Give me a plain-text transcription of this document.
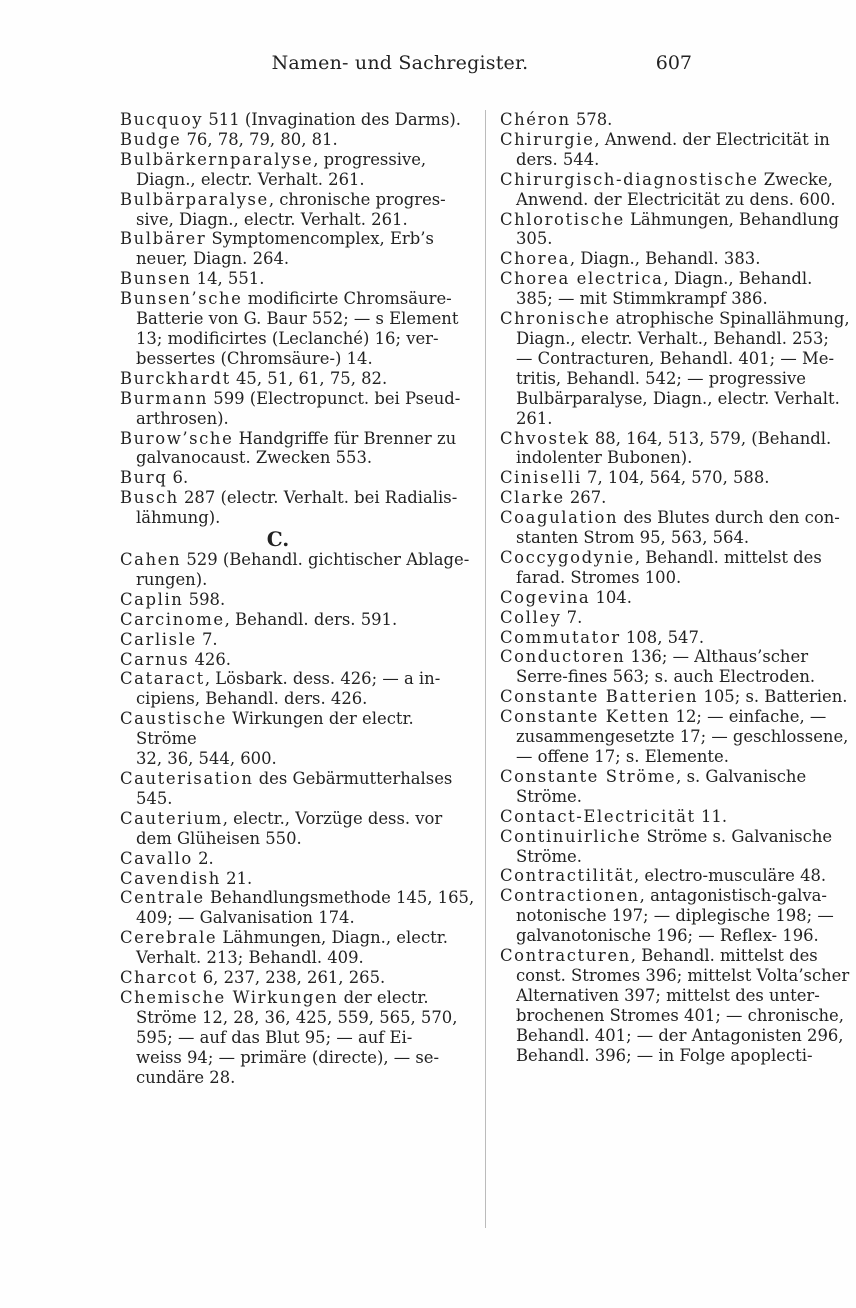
Namen- und Sachregister.	607
Bucquoy 511 (Invagination des Darms).
Budge 76, 78, 79, 80, 81.
Bulbärkernparalyse, progressive,
Diagn., electr. Verhalt. 261.
Bulbärparalyse, chronische progres-
sive, Diagn., electr. Verhalt. 261.
Bulbärer Symptomencomplex, Erb’s
neuer, Diagn. 264.
Bunsen 14, 551.
Bunsen’sche modificirte Chromsäure-
Batterie von G. Baur 552; — s Element
13; modificirtes (Leclanché) 16; ver-
bessertes (Chromsäure-) 14.
Burckhardt 45, 51, 61, 75, 82.
Burmann 599 (Electropunct. bei Pseud-
arthrosen).
Burow’sche Handgriffe für Brenner zu
galvanocaust. Zwecken 553.
Burq 6.
Busch 287 (electr. Verhalt. bei Radialis-
lähmung).
C.
Cahen 529 (Behandl. gichtischer Ablage-
rungen).
Caplin 598.
Carcinome, Behandl. ders. 591.
Carlisle 7.
Carnus 426.
Cataract, Lösbark. dess. 426; — a in-
cipiens, Behandl. ders. 426.
Caustische Wirkungen der electr. Ströme
32, 36, 544, 600.
Cauterisation des Gebärmutterhalses
545.
Cauterium, electr., Vorzüge dess. vor
dem Glüheisen 550.
Cavallo 2.
Cavendish 21.
Centrale Behandlungsmethode 145, 165,
409; — Galvanisation 174.
Cerebrale Lähmungen, Diagn., electr.
Verhalt. 213; Behandl. 409.
Charcot 6, 237, 238, 261, 265.
Chemische Wirkungen der electr.
Ströme 12, 28, 36, 425, 559, 565, 570,
595; — auf das Blut 95; — auf Ei-
weiss 94; — primäre (directe), — se-
cundäre 28.
Chéron 578.
Chirurgie, Anwend. der Electricität in
ders. 544.
Chirurgisch-diagnostische Zwecke,
Anwend. der Electricität zu dens. 600.
Chlorotische Lähmungen, Behandlung
305.
Chorea, Diagn., Behandl. 383.
Chorea electrica, Diagn., Behandl.
385; — mit Stimmkrampf 386.
Chronische atrophische Spinallähmung,
Diagn., electr. Verhalt., Behandl. 253;
— Contracturen, Behandl. 401; — Me-
tritis, Behandl. 542; — progressive
Bulbärparalyse, Diagn., electr. Verhalt.
261.
Chvostek 88, 164, 513, 579, (Behandl.
indolenter Bubonen).
Ciniselli 7, 104, 564, 570, 588.
Clarke 267.
Coagulation des Blutes durch den con-
stanten Strom 95, 563, 564.
Coccygodynie, Behandl. mittelst des
farad. Stromes 100.
Cogevina 104.
Colley 7.
Commutator 108, 547.
Conductoren 136; — Althaus’scher
Serre-fines 563; s. auch Electroden.
Constante Batterien 105; s. Batterien.
Constante Ketten 12; — einfache, —
zusammengesetzte 17; — geschlossene,
— offene 17; s. Elemente.
Constante Ströme, s. Galvanische
Ströme.
Contact-Electricität 11.
Continuirliche Ströme s. Galvanische
Ströme.
Contractilität, electro-musculäre 48.
Contractionen, antagonistisch-galva-
notonische 197; — diplegische 198; —
galvanotonische 196; — Reflex- 196.
Contracturen, Behandl. mittelst des
const. Stromes 396; mittelst Volta’scher
Alternativen 397; mittelst des unter-
brochenen Stromes 401; — chronische,
Behandl. 401; — der Antagonisten 296,
Behandl. 396; — in Folge apoplecti-
